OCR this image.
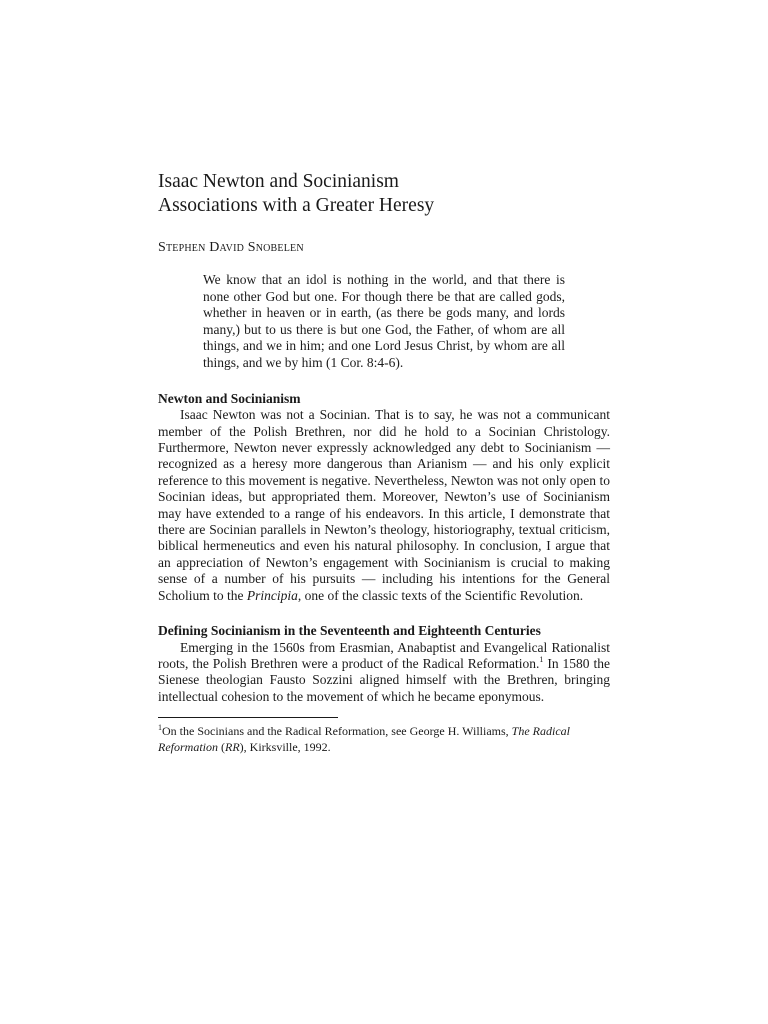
Isaac Newton and Socinianism
Associations with a Greater Heresy
Stephen David Snobelen
We know that an idol is nothing in the world, and that there is none other God but one. For though there be that are called gods, whether in heaven or in earth, (as there be gods many, and lords many,) but to us there is but one God, the Father, of whom are all things, and we in him; and one Lord Jesus Christ, by whom are all things, and we by him (1 Cor. 8:4-6).
Newton and Socinianism

Isaac Newton was not a Socinian. That is to say, he was not a communicant member of the Polish Brethren, nor did he hold to a Socinian Christology. Furthermore, Newton never expressly acknowledged any debt to Socinianism — recognized as a heresy more dangerous than Arianism — and his only explicit reference to this movement is negative. Nevertheless, Newton was not only open to Socinian ideas, but appropriated them. Moreover, Newton’s use of Socinianism may have extended to a range of his endeavors. In this article, I demonstrate that there are Socinian parallels in Newton’s theology, historiography, textual criticism, biblical hermeneutics and even his natural philosophy. In conclusion, I argue that an appreciation of Newton’s engagement with Socinianism is crucial to making sense of a number of his pursuits — including his intentions for the General Scholium to the Principia, one of the classic texts of the Scientific Revolution.

Defining Socinianism in the Seventeenth and Eighteenth Centuries

Emerging in the 1560s from Erasmian, Anabaptist and Evangelical Rationalist roots, the Polish Brethren were a product of the Radical Reformation.$^1$ In 1580 the Sienese theologian Fausto Sozzini aligned himself with the Brethren, bringing intellectual cohesion to the movement of which he became eponymous.

$^1$On the Socinians and the Radical Reformation, see George H. Williams, The Radical Reformation (RR), Kirksville, 1992.
